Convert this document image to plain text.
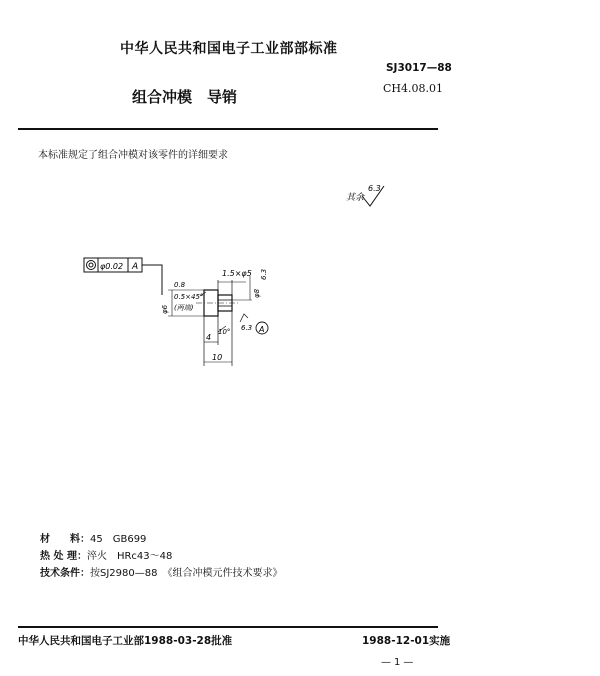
中华人民共和国电子工业部部标准
SJ3017—88
组合冲模　导销	CH4.08.01
本标准规定了组合冲模对该零件的详细要求
其余
6.3
φ0.02 A
1.5×φ5
0.8
0.5×45°
(两端)
φ6
φ8
6.3
10° 6.3 A
4
10
材　　料：45　GB699
热 处 理：淬火　HRc43～48
技术条件：按SJ2980—88　《组合冲模元件技术要求》
中华人民共和国电子工业部1988-03-28批准	1988-12-01实施
—1—
